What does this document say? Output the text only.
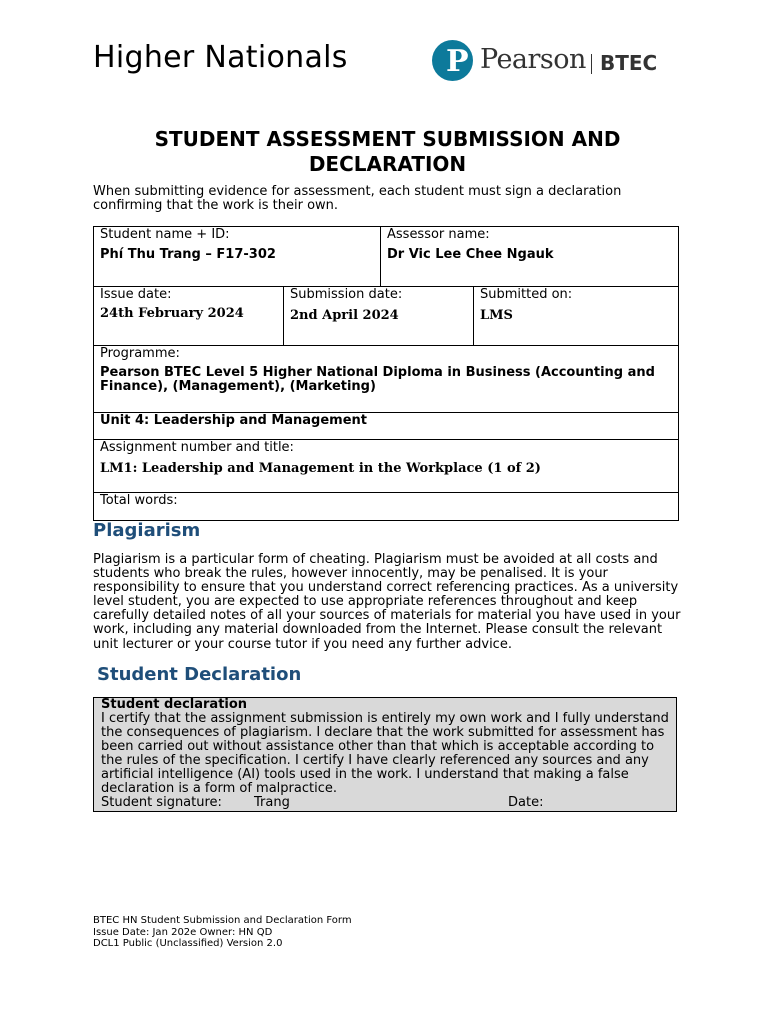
Higher Nationals	P Pearson BTEC
STUDENT ASSESSMENT SUBMISSION AND DECLARATION
When submitting evidence for assessment, each student must sign a declaration confirming that the work is their own.
Student name + ID:
Phí Thu Trang – F17-302		Assessor name:
Dr Vic Lee Chee Ngauk	

Issue date:
24th February 2024	Submission date:
2nd April 2024		Submitted on:
LMS

Programme:
Pearson BTEC Level 5 Higher National Diploma in Business (Accounting and Finance), (Management), (Marketing)			

Unit 4: Leadership and Management			

Assignment number and title:
LM1: Leadership and Management in the Workplace (1 of 2)			

Total words:			
Plagiarism
Plagiarism is a particular form of cheating. Plagiarism must be avoided at all costs and students who break the rules, however innocently, may be penalised. It is your responsibility to ensure that you understand correct referencing practices. As a university level student, you are expected to use appropriate references throughout and keep carefully detailed notes of all your sources of materials for material you have used in your work, including any material downloaded from the Internet. Please consult the relevant unit lecturer or your course tutor if you need any further advice.
Student Declaration
Student declaration
I certify that the assignment submission is entirely my own work and I fully understand the consequences of plagiarism. I declare that the work submitted for assessment has been carried out without assistance other than that which is acceptable according to the rules of the specification. I certify I have clearly referenced any sources and any artificial intelligence (AI) tools used in the work. I understand that making a false declaration is a form of malpractice.
Student signature: Trang	Date:
BTEC HN Student Submission and Declaration Form
Issue Date: Jan 202e Owner: HN QD
DCL1 Public (Unclassified) Version 2.0
